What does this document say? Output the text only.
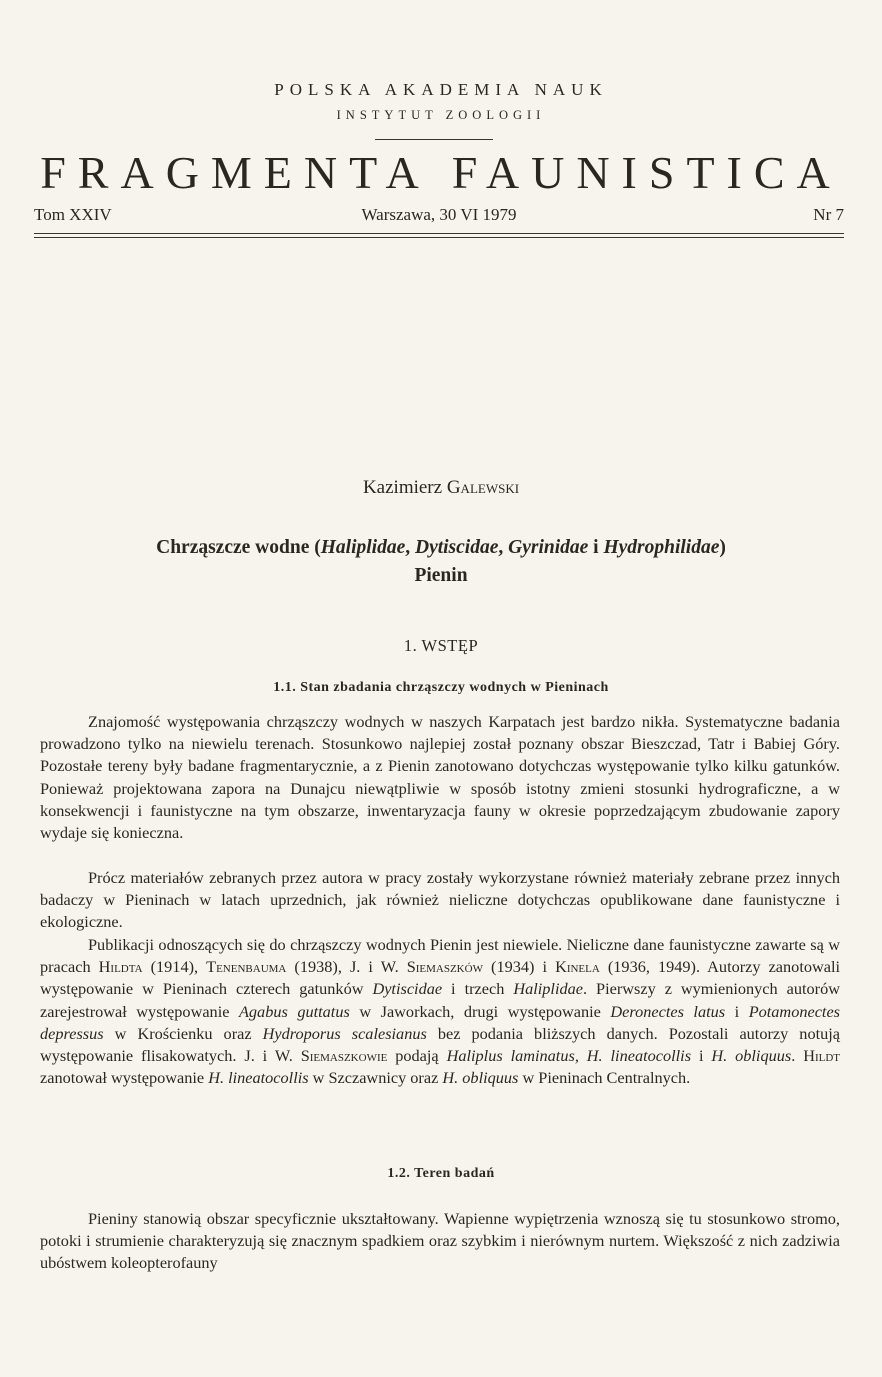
POLSKA AKADEMIA NAUK
INSTYTUT ZOOLOGII
FRAGMENTA FAUNISTICA
Tom XXIV	Warszawa, 30 VI 1979	Nr 7
Kazimierz Galewski
Chrząszcze wodne (Haliplidae, Dytiscidae, Gyrinidae i Hydrophilidae)
Pienin
1. WSTĘP
1.1. Stan zbadania chrząszczy wodnych w Pieninach

Znajomość występowania chrząszczy wodnych w naszych Karpatach jest bardzo nikła. Systematyczne badania prowadzono tylko na niewielu terenach. Stosunkowo najlepiej został poznany obszar Bieszczad, Tatr i Babiej Góry. Pozostałe tereny były badane fragmentarycznie, a z Pienin zanotowano dotychczas występowanie tylko kilku gatunków. Ponieważ projektowana zapora na Dunajcu niewątpliwie w sposób istotny zmieni stosunki hydrograficzne, a w konsekwencji i faunistyczne na tym obszarze, inwentaryzacja fauny w okresie poprzedzającym zbudowanie zapory wydaje się konieczna.

Prócz materiałów zebranych przez autora w pracy zostały wykorzystane również materiały zebrane przez innych badaczy w Pieninach w latach uprzednich, jak również nieliczne dotychczas opublikowane dane faunistyczne i ekologiczne.

Publikacji odnoszących się do chrząszczy wodnych Pienin jest niewiele. Nieliczne dane faunistyczne zawarte są w pracach Hildta (1914), Tenenbauma (1938), J. i W. Siemaszków (1934) i Kinela (1936, 1949). Autorzy zanotowali występowanie w Pieninach czterech gatunków Dytiscidae i trzech Haliplidae. Pierwszy z wymienionych autorów zarejestrował występowanie Agabus guttatus w Jaworkach, drugi występowanie Deronectes latus i Potamonectes depressus w Krościenku oraz Hydroporus scalesianus bez podania bliższych danych. Pozostali autorzy notują występowanie flisakowatych. J. i W. Siemaszkowie podają Haliplus laminatus, H. lineatocollis i H. obliquus. Hildt zanotował występowanie H. lineatocollis w Szczawnicy oraz H. obliquus w Pieninach Centralnych.

1.2. Teren badań

Pieniny stanowią obszar specyficznie ukształtowany. Wapienne wypiętrzenia wznoszą się tu stosunkowo stromo, potoki i strumienie charakteryzują się znacznym spadkiem oraz szybkim i nierównym nurtem. Większość z nich zadziwia ubóstwem koleopterofauny
